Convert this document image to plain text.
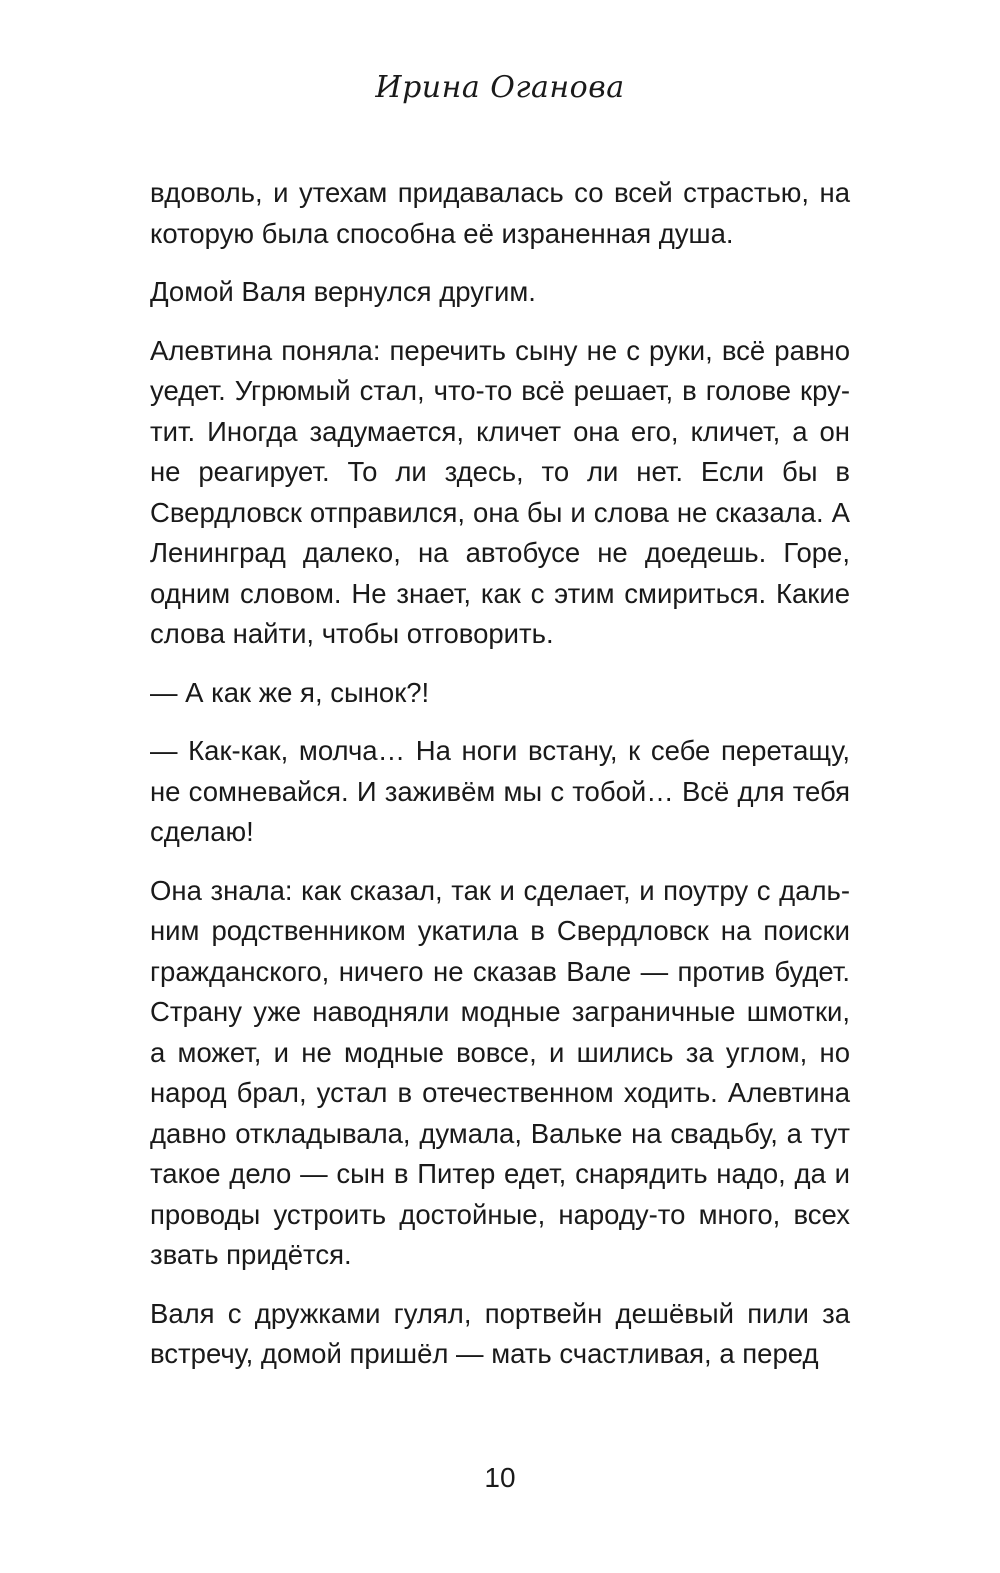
Ирина Оганова

вдоволь, и утехам придавалась со всей страстью, на которую была способна её израненная душа.

Домой Валя вернулся другим.

Алевтина поняла: перечить сыну не с руки, всё равно уедет. Угрюмый стал, что-то всё решает, в голове крутит. Иногда задумается, кличет она его, кличет, а он не реагирует. То ли здесь, то ли нет. Если бы в Свердловск отправился, она бы и слова не сказала. А Ленинград далеко, на автобусе не доедешь. Горе, одним словом. Не знает, как с этим смириться. Какие слова найти, чтобы отговорить.

— А как же я, сынок?!

— Как-как, молча… На ноги встану, к себе перетащу, не сомневайся. И заживём мы с тобой… Всё для тебя сделаю!

Она знала: как сказал, так и сделает, и поутру с дальним родственником укатила в Свердловск на поиски гражданского, ничего не сказав Вале — против будет. Страну уже наводняли модные заграничные шмотки, а может, и не модные вовсе, и шились за углом, но народ брал, устал в отечественном ходить. Алевтина давно откладывала, думала, Вальке на свадьбу, а тут такое дело — сын в Питер едет, снарядить надо, да и проводы устроить достойные, народу-то много, всех звать придётся.

Валя с дружками гулял, портвейн дешёвый пили за встречу, домой пришёл — мать счастливая, а перед

10
